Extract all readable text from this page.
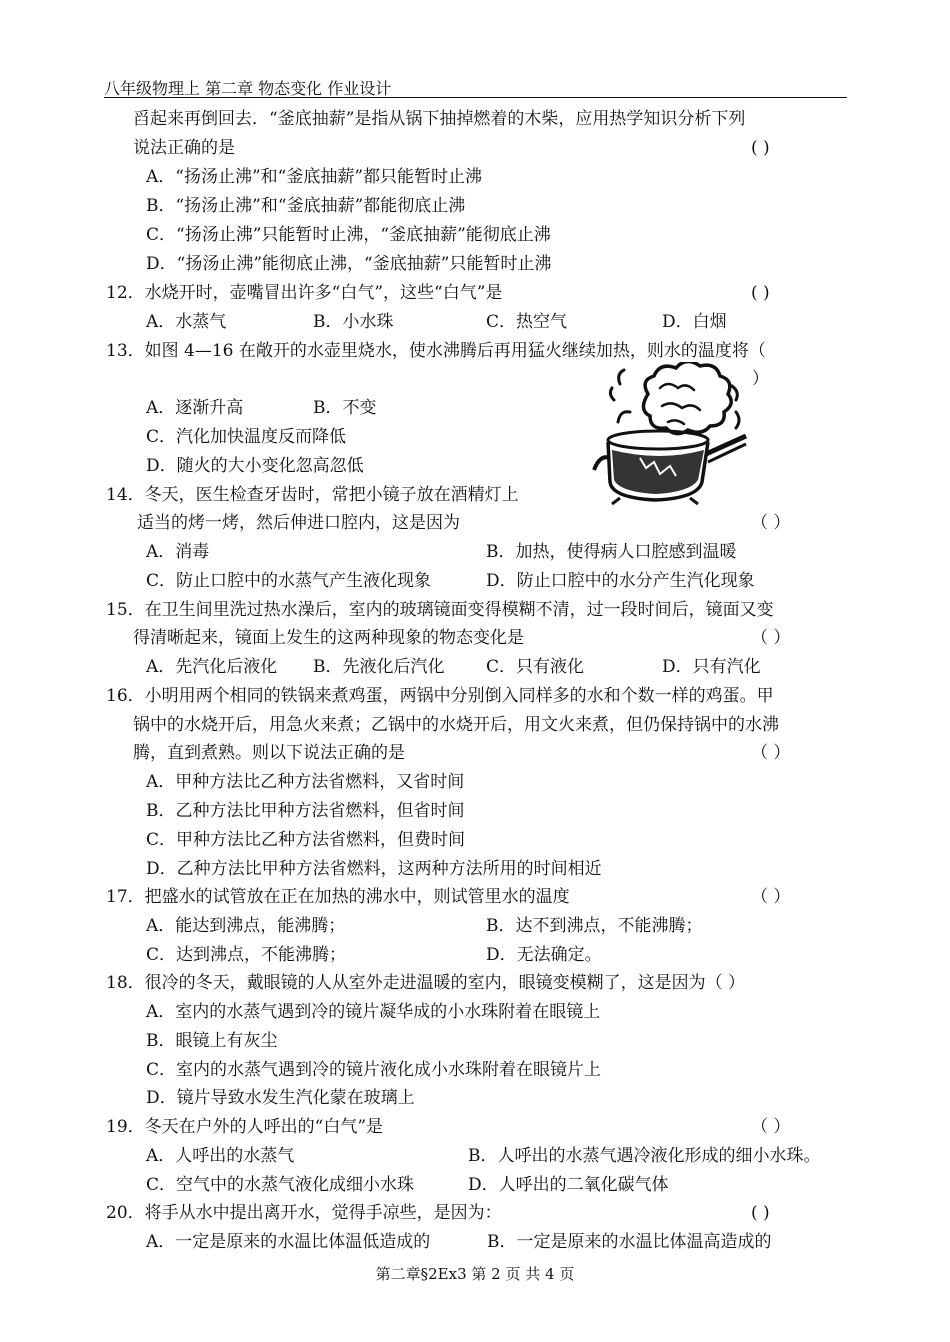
八年级物理上 第二章 物态变化 作业设计
舀起来再倒回去．“釜底抽薪”是指从锅下抽掉燃着的木柴，应用热学知识分析下列
说法正确的是	( )
A．“扬汤止沸”和“釜底抽薪”都只能暂时止沸
B．“扬汤止沸”和“釜底抽薪”都能彻底止沸
C．“扬汤止沸”只能暂时止沸，“釜底抽薪”能彻底止沸
D．“扬汤止沸”能彻底止沸，“釜底抽薪”只能暂时止沸
12．水烧开时，壶嘴冒出许多“白气”，这些“白气”是	( )
A．水蒸气	B．小水珠	C．热空气	D．白烟
13．如图 4—16 在敞开的水壶里烧水，使水沸腾后再用猛火继续加热，则水的温度将（
）
A．逐渐升高	B．不变
C．汽化加快温度反而降低
D．随火的大小变化忽高忽低
14．冬天，医生检查牙齿时，常把小镜子放在酒精灯上
适当的烤一烤，然后伸进口腔内，这是因为	（ ）
A．消毒	B．加热，使得病人口腔感到温暖
C．防止口腔中的水蒸气产生液化现象	D．防止口腔中的水分产生汽化现象
15．在卫生间里洗过热水澡后，室内的玻璃镜面变得模糊不清，过一段时间后，镜面又变
得清晰起来，镜面上发生的这两种现象的物态变化是	（ ）
A．先汽化后液化 B．先液化后汽化 C．只有液化	D．只有汽化
16．小明用两个相同的铁锅来煮鸡蛋，两锅中分别倒入同样多的水和个数一样的鸡蛋。甲
锅中的水烧开后，用急火来煮；乙锅中的水烧开后，用文火来煮，但仍保持锅中的水沸
腾，直到煮熟。则以下说法正确的是	（ ）
A．甲种方法比乙种方法省燃料，又省时间
B．乙种方法比甲种方法省燃料，但省时间
C．甲种方法比乙种方法省燃料，但费时间
D．乙种方法比甲种方法省燃料，这两种方法所用的时间相近
17．把盛水的试管放在正在加热的沸水中，则试管里水的温度	（ ）
A．能达到沸点，能沸腾；	B．达不到沸点，不能沸腾；
C．达到沸点，不能沸腾；	D．无法确定。
18．很冷的冬天，戴眼镜的人从室外走进温暖的室内，眼镜变模糊了，这是因为（ ）
A．室内的水蒸气遇到冷的镜片凝华成的小水珠附着在眼镜上
B．眼镜上有灰尘
C．室内的水蒸气遇到冷的镜片液化成小水珠附着在眼镜片上
D．镜片导致水发生汽化蒙在玻璃上
19．冬天在户外的人呼出的“白气”是	（ ）
A．人呼出的水蒸气	B．人呼出的水蒸气遇冷液化形成的细小水珠。
C．空气中的水蒸气液化成细小水珠	D．人呼出的二氧化碳气体
20．将手从水中提出离开水，觉得手凉些，是因为：	( )
A．一定是原来的水温比体温低造成的	B．一定是原来的水温比体温高造成的
第二章§2Ex3 第 2 页 共 4 页
